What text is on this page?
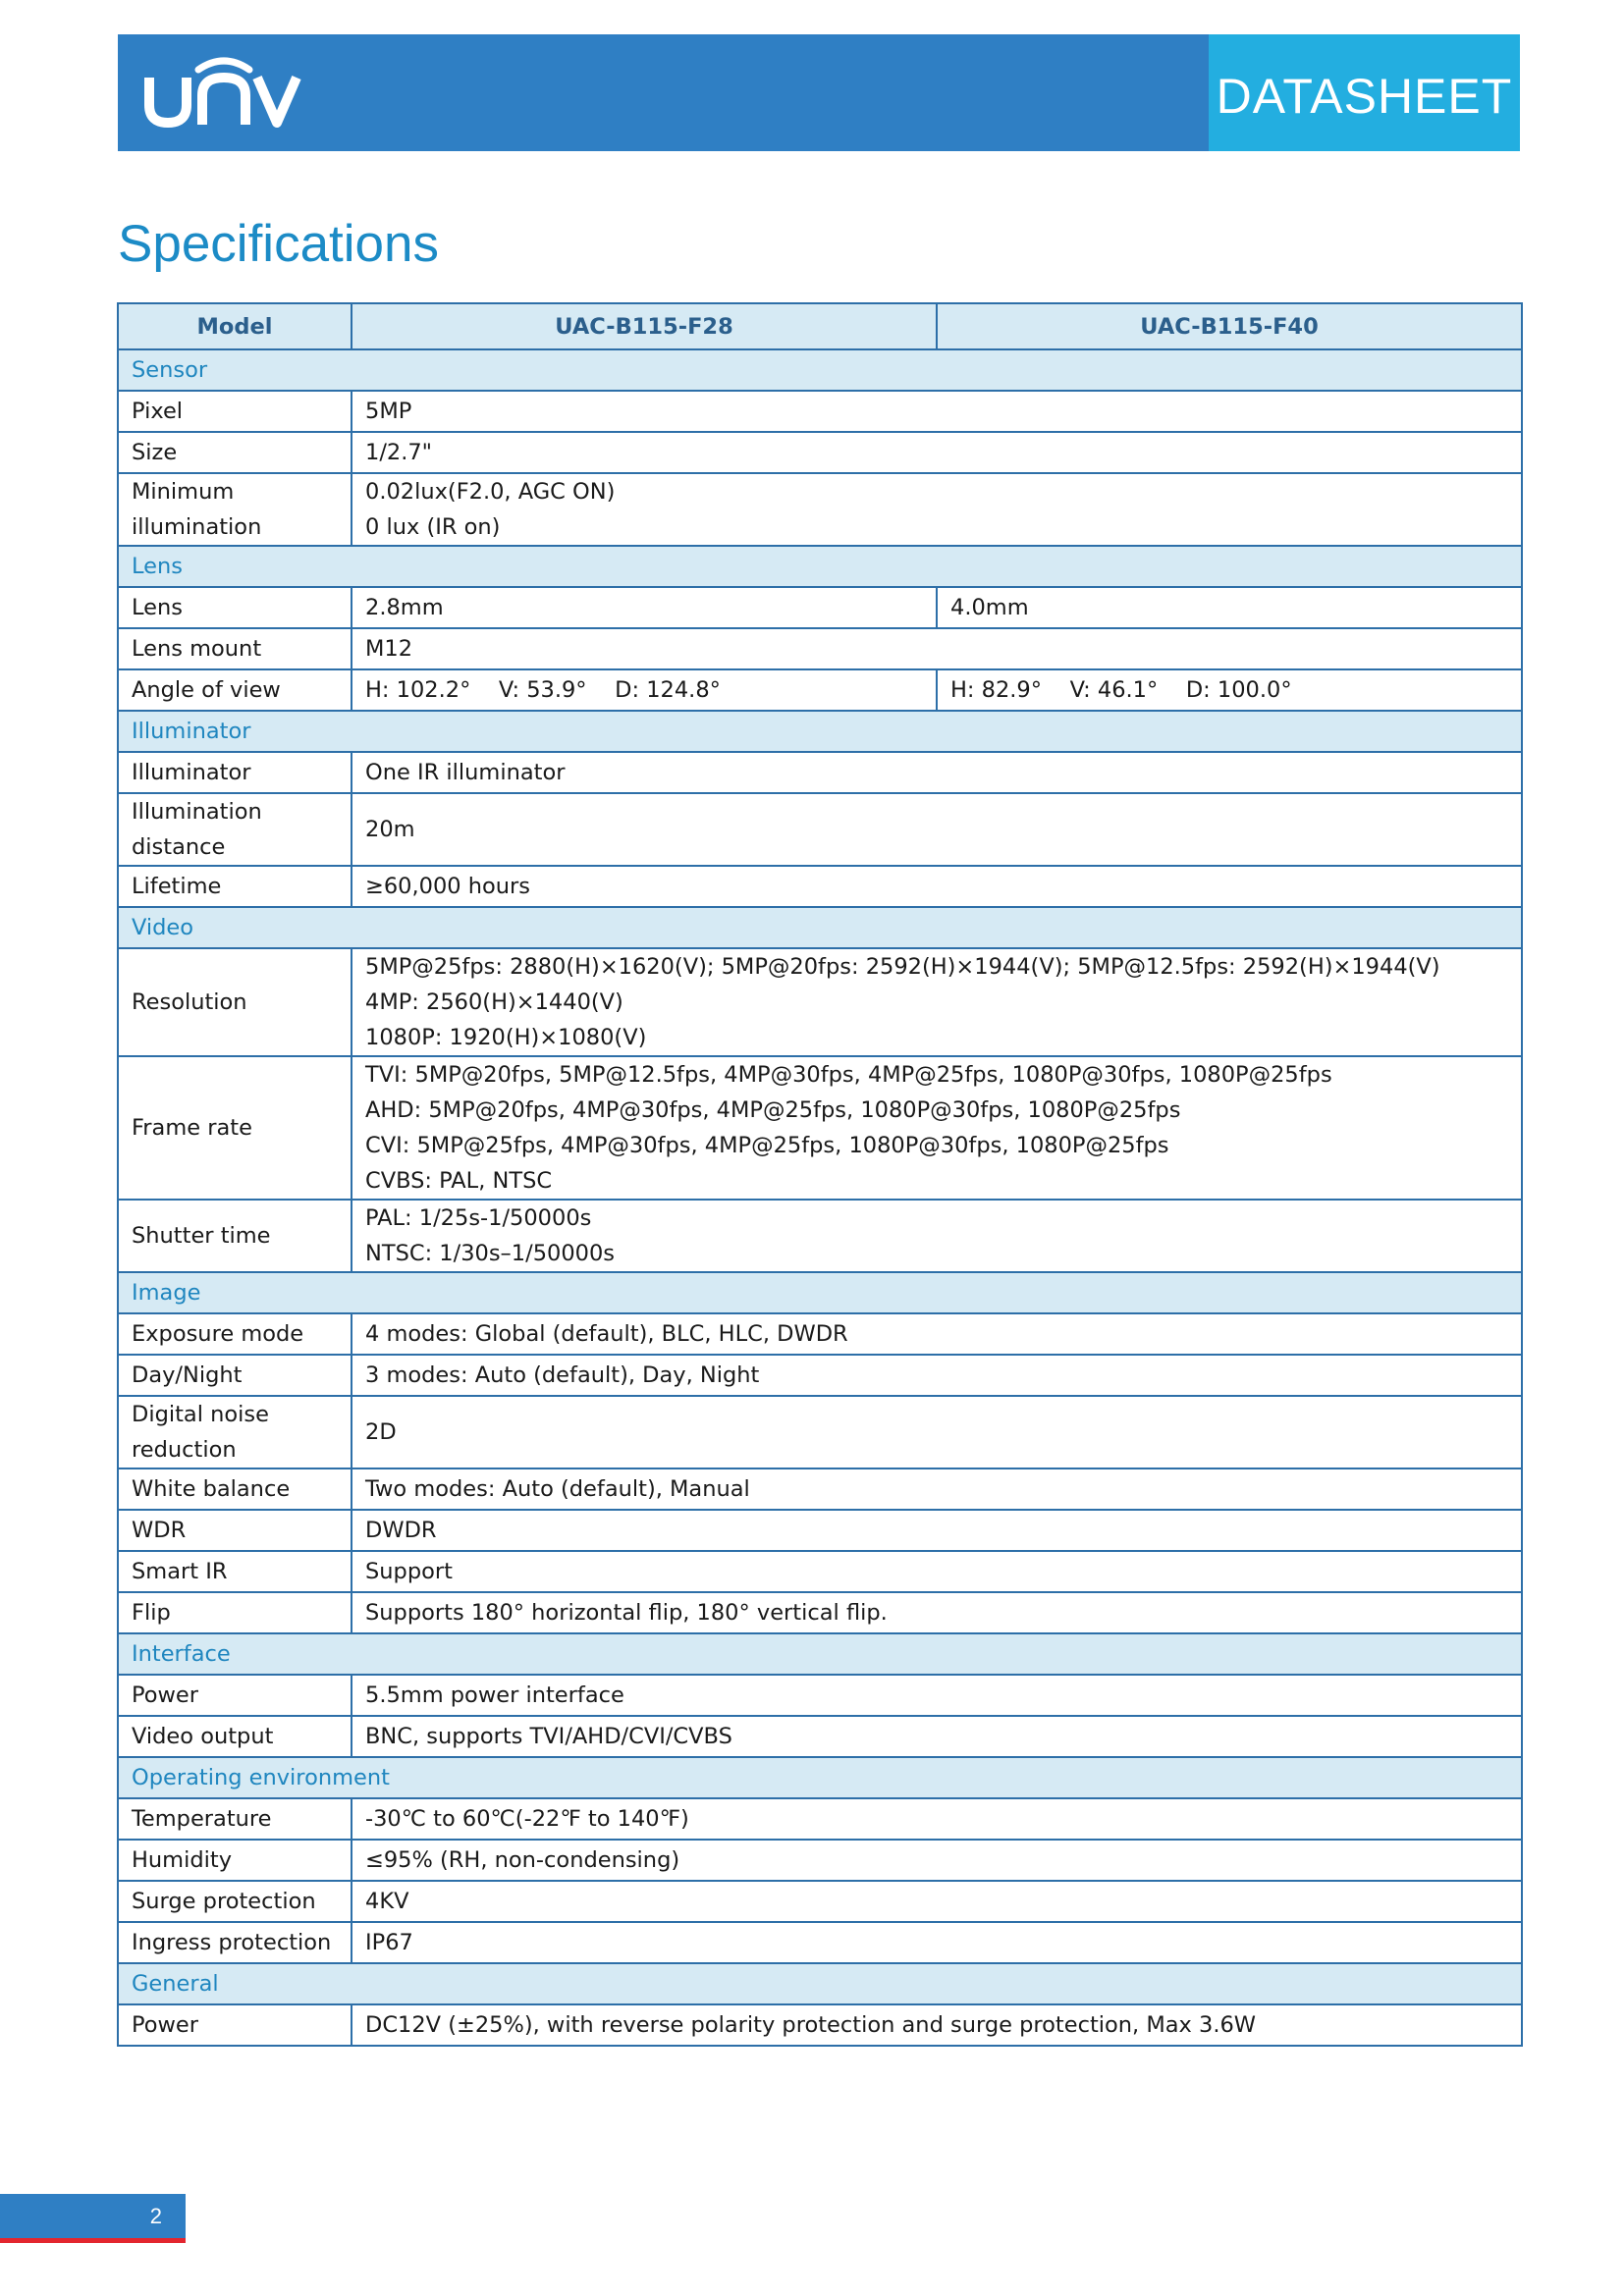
DATASHEET
Specifications
Model	UAC-B115-F28	UAC-B115-F40
Sensor		
Pixel	5MP	
Size	1/2.7"	

Minimum
illumination	0.02lux(F2.0, AGC ON)
0 lux (IR on)	

Lens		
Lens	2.8mm	4.0mm
Lens mount	M12	
Angle of view	H: 102.2°    V: 53.9°    D: 124.8°	H: 82.9°    V: 46.1°    D: 100.0°
Illuminator		
Illuminator	One IR illuminator	

Illumination
distance	20m	
Lifetime	≥60,000 hours	
Video		
Resolution	5MP@25fps: 2880(H)×1620(V); 5MP@20fps: 2592(H)×1944(V); 5MP@12.5fps: 2592(H)×1944(V)
4MP: 2560(H)×1440(V)
1080P: 1920(H)×1080(V)	

Frame rate	TVI: 5MP@20fps, 5MP@12.5fps, 4MP@30fps, 4MP@25fps, 1080P@30fps, 1080P@25fps
AHD: 5MP@20fps, 4MP@30fps, 4MP@25fps, 1080P@30fps, 1080P@25fps
CVI: 5MP@25fps, 4MP@30fps, 4MP@25fps, 1080P@30fps, 1080P@25fps
CVBS: PAL, NTSC	

Shutter time	PAL: 1/25s-1/50000s
NTSC: 1/30s–1/50000s	

Image		
Exposure mode	4 modes: Global (default), BLC, HLC, DWDR	
Day/Night	3 modes: Auto (default), Day, Night	

Digital noise
reduction	2D	
White balance	Two modes: Auto (default), Manual	
WDR	DWDR	
Smart IR	Support	
Flip	Supports 180° horizontal flip, 180° vertical flip.	
Interface		
Power	5.5mm power interface	
Video output	BNC, supports TVI/AHD/CVI/CVBS	
Operating environment		
Temperature	-30℃ to 60℃(-22℉ to 140℉)	
Humidity	≤95% (RH, non-condensing)	
Surge protection	4KV	
Ingress protection	IP67	
General		
Power	DC12V (±25%), with reverse polarity protection and surge protection, Max 3.6W	
2
